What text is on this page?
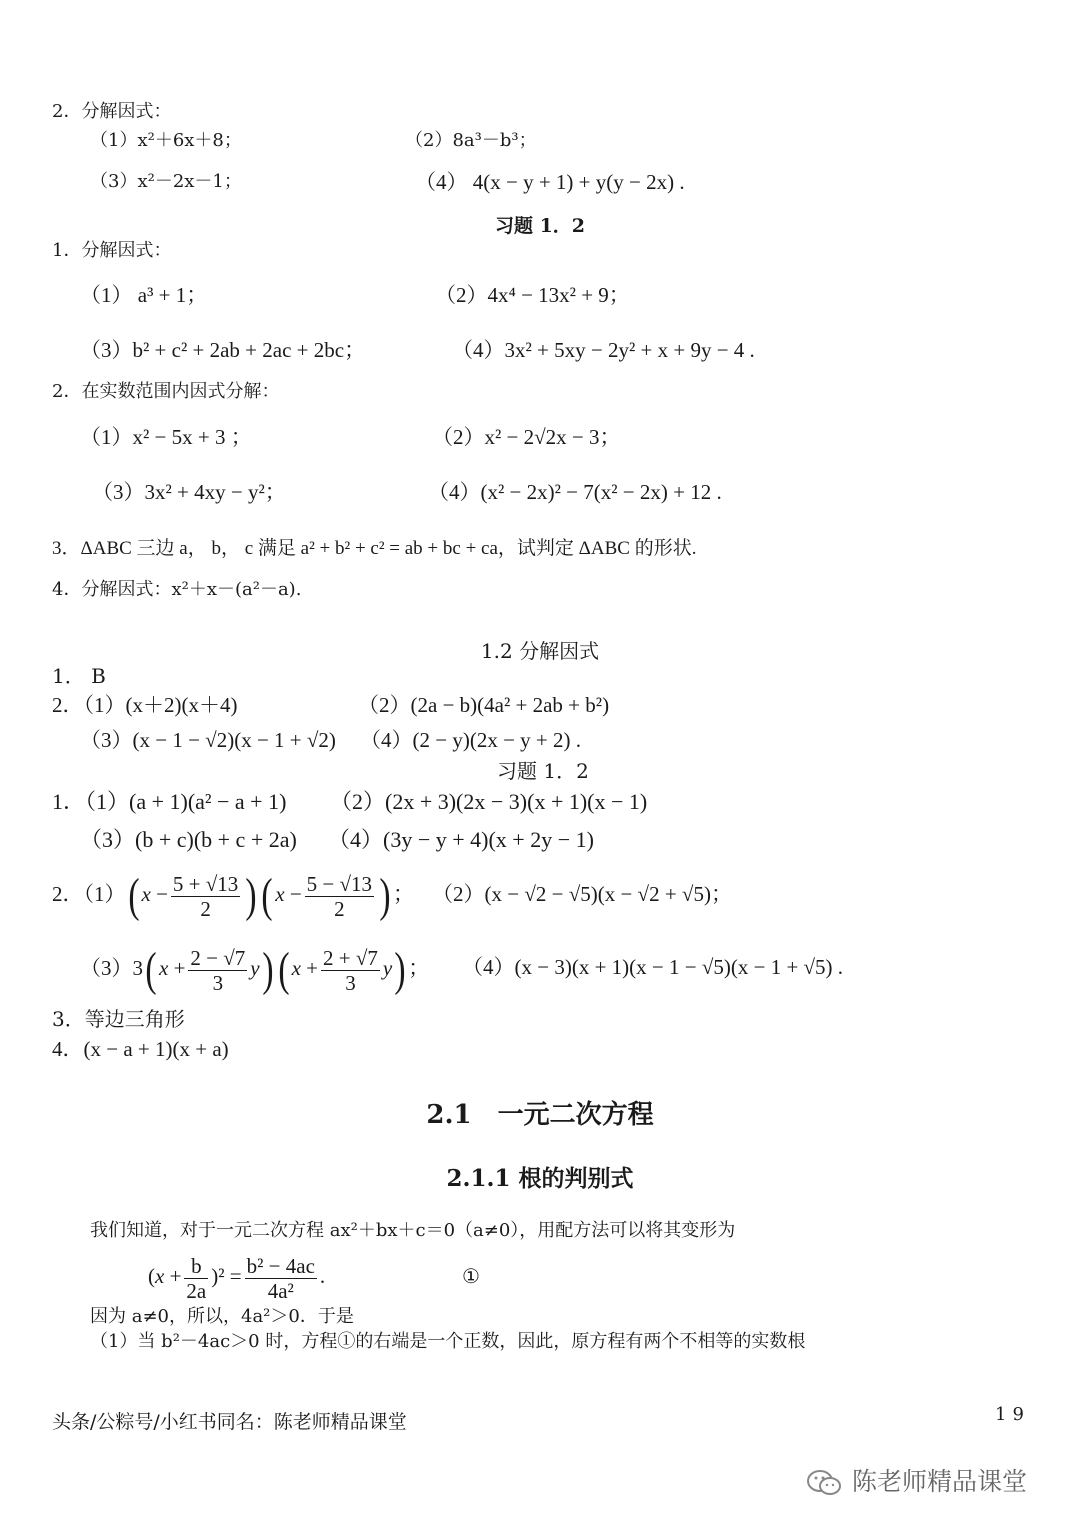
2．分解因式：
（1）x²＋6x＋8；	（2）8a³－b³；
（3）x²－2x－1；	（4） 4(x − y + 1) + y(y − 2x) .
习题 1．2
1．分解因式：
（1） a³ + 1；	（2）4x⁴ − 13x² + 9；
（3）b² + c² + 2ab + 2ac + 2bc；	（4）3x² + 5xy − 2y² + x + 9y − 4 .
2．在实数范围内因式分解：
（1）x² − 5x + 3 ；	（2）x² − 2√2x − 3；
（3）3x² + 4xy − y²；	（4）(x² − 2x)² − 7(x² − 2x) + 12 .
3．ΔABC 三边 a， b， c 满足 a² + b² + c² = ab + bc + ca，试判定 ΔABC 的形状.
4．分解因式：x²＋x－(a²－a).
1.2 分解因式
1． B
2．（1）(x＋2)(x＋4)	（2）(2a − b)(4a² + 2ab + b²)
（3）(x − 1 − √2)(x − 1 + √2) （4）(2 − y)(2x − y + 2) .
习题 1．2
1．（1）(a + 1)(a² − a + 1) （2）(2x + 3)(2x − 3)(x + 1)(x − 1)
（3）(b + c)(b + c + 2a) （4）(3y − y + 4)(x + 2y − 1)
2．（1）( $x - \frac{5 + √13}{2}$ )( $x - \frac{5 - √13}{2}$ ) ； （2）(x − √2 − √5)(x − √2 + √5)；
（3）3( $x + \frac{2 - √7}{3} y$)( $x + \frac{2 + √7}{3} y$) ； （4）(x − 3)(x + 1)(x − 1 − √5)(x − 1 + √5) .
3．等边三角形
4．(x − a + 1)(x + a)
2.1　一元二次方程
2.1.1 根的判别式
我们知道，对于一元二次方程 ax²＋bx＋c＝0（a≠0），用配方法可以将其变形为
$(x + \frac{b}{2a} )^2 = \frac{\text{b² − 4ac}}{\text{4a²}}$ .	①
因为 a≠0，所以，4a²＞0．于是
（1）当 b²－4ac＞0 时，方程①的右端是一个正数，因此，原方程有两个不相等的实数根
头条/公粽号/小红书同名：陈老师精品课堂	19
陈老师精品课堂
